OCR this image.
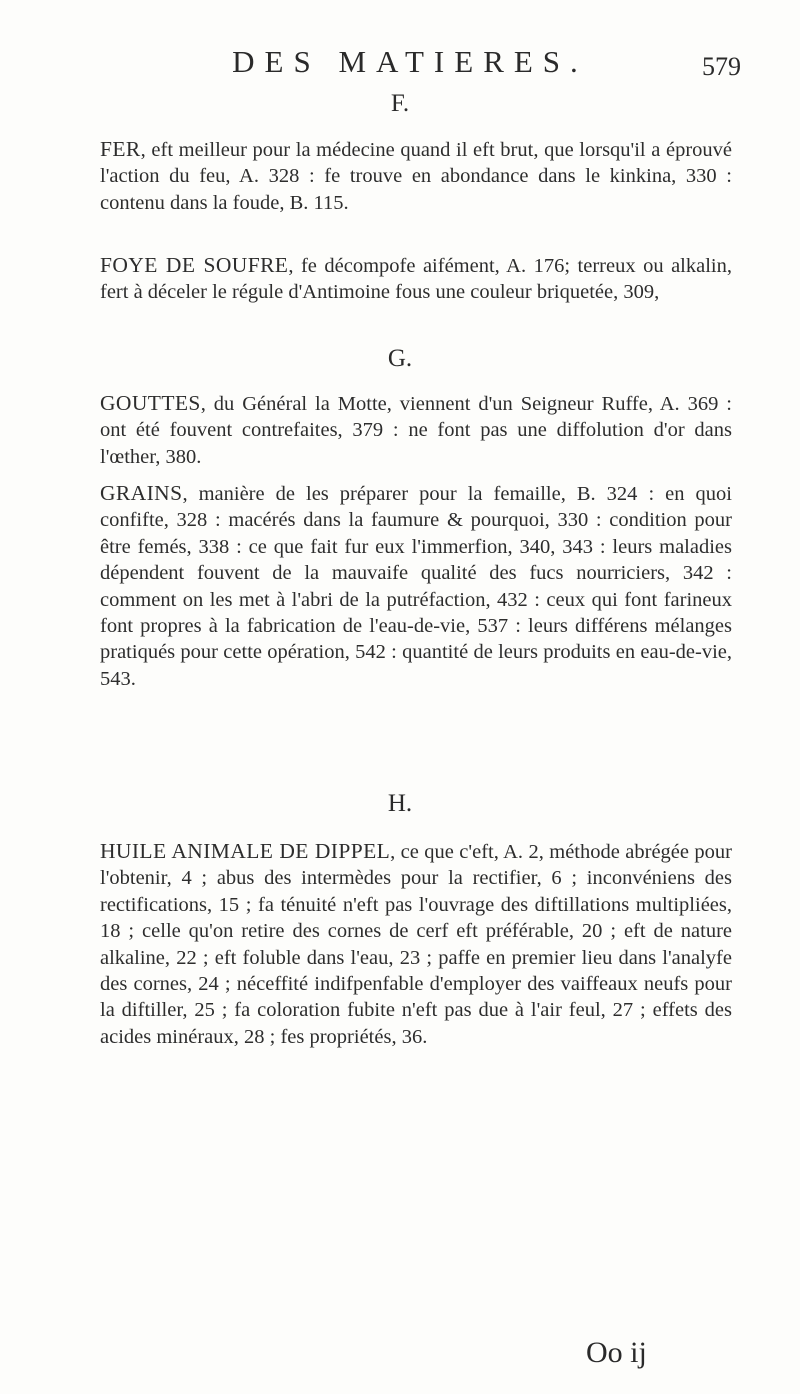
DES MATIERES.	579
F.
FER, eft meilleur pour la médecine quand il eft brut, que lorsqu'il a éprouvé l'action du feu, A. 328 : fe trouve en abondance dans le kinkina, 330 : contenu dans la foude, B. 115.
FOYE DE SOUFRE, fe décompofe aifément, A. 176; terreux ou alkalin, fert à déceler le régule d'Antimoine fous une couleur briquetée, 309,
G.
GOUTTES, du Général la Motte, viennent d'un Seigneur Ruffe, A. 369 : ont été fouvent contrefaites, 379 : ne font pas une diffolution d'or dans l'œther, 380.
GRAINS, manière de les préparer pour la femaille, B. 324 : en quoi confifte, 328 : macérés dans la faumure & pourquoi, 330 : condition pour être femés, 338 : ce que fait fur eux l'immerfion, 340, 343 : leurs maladies dépendent fouvent de la mauvaife qualité des fucs nourriciers, 342 : comment on les met à l'abri de la putréfaction, 432 : ceux qui font farineux font propres à la fabrication de l'eau-de-vie, 537 : leurs différens mélanges pratiqués pour cette opération, 542 : quantité de leurs produits en eau-de-vie, 543.
H.
HUILE ANIMALE DE DIPPEL, ce que c'eft, A. 2, méthode abrégée pour l'obtenir, 4 ; abus des intermèdes pour la rectifier, 6 ; inconvéniens des rectifications, 15 ; fa ténuité n'eft pas l'ouvrage des diftillations multipliées, 18 ; celle qu'on retire des cornes de cerf eft préférable, 20 ; eft de nature alkaline, 22 ; eft foluble dans l'eau, 23 ; paffe en premier lieu dans l'analyfe des cornes, 24 ; néceffité indifpenfable d'employer des vaiffeaux neufs pour la diftiller, 25 ; fa coloration fubite n'eft pas due à l'air feul, 27 ; effets des acides minéraux, 28 ; fes propriétés, 36.
Oo ij
